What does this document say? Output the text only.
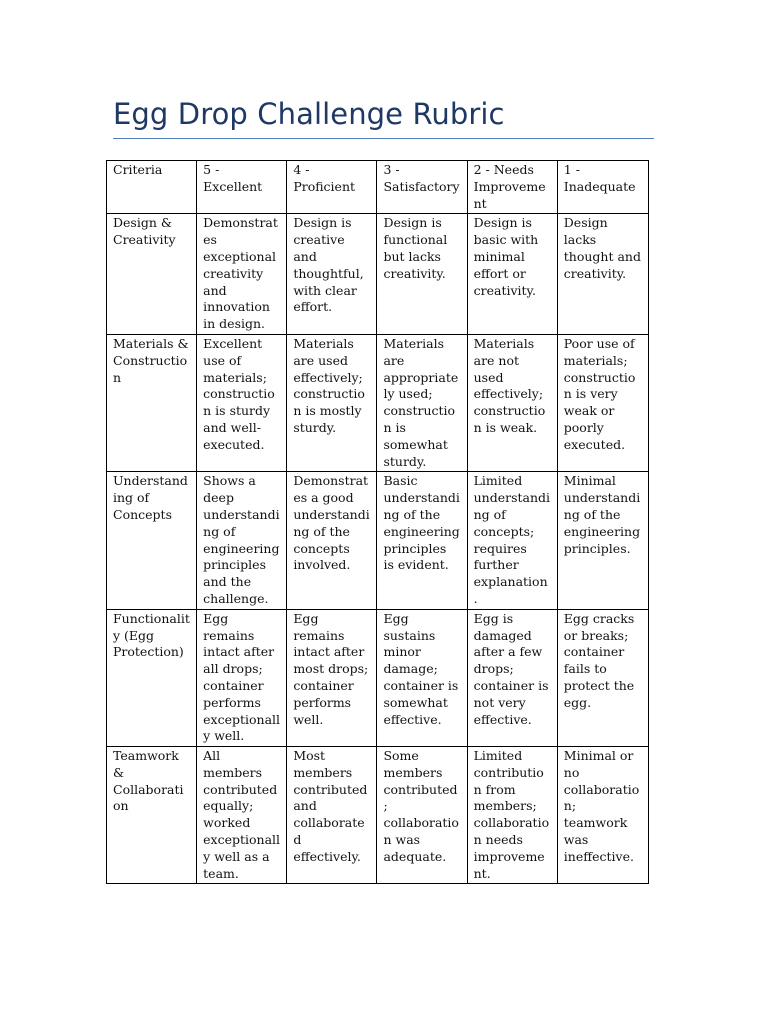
Egg Drop Challenge Rubric
Criteria	5 - Excellent	4 - Proficient	3 - Satisfactory	2 - Needs Improvement	1 - Inadequate
Design & Creativity	Demonstrates exceptional creativity and innovation in design.	Design is creative and thoughtful, with clear effort.	Design is functional but lacks creativity.	Design is basic with minimal effort or creativity.	Design lacks thought and creativity.
Materials & Construction	Excellent use of materials; construction is sturdy and well-executed.	Materials are used effectively; construction is mostly sturdy.	Materials are appropriately used; construction is somewhat sturdy.	Materials are not used effectively; construction is weak.	Poor use of materials; construction is very weak or poorly executed.
Understanding of Concepts	Shows a deep understanding of engineering principles and the challenge.	Demonstrates a good understanding of the concepts involved.	Basic understanding of the engineering principles is evident.	Limited understanding of concepts; requires further explanation.	Minimal understanding of the engineering principles.
Functionality (Egg Protection)	Egg remains intact after all drops; container performs exceptionally well.	Egg remains intact after most drops; container performs well.	Egg sustains minor damage; container is somewhat effective.	Egg is damaged after a few drops; container is not very effective.	Egg cracks or breaks; container fails to protect the egg.
Teamwork & Collaboration	All members contributed equally; worked exceptionally well as a team.	Most members contributed and collaborated effectively.	Some members contributed; collaboration was adequate.	Limited contribution from members; collaboration needs improvement.	Minimal or no collaboration; teamwork was ineffective.
